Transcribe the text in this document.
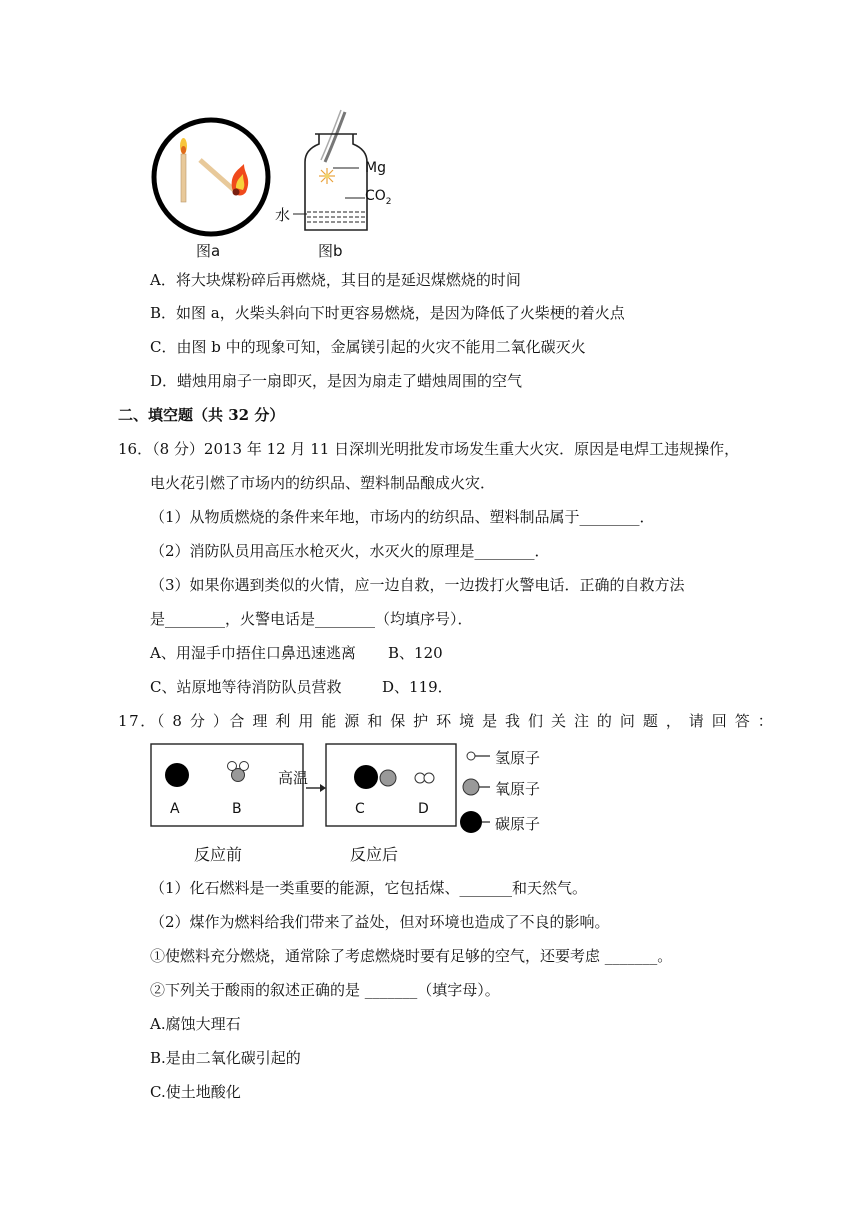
图a
Mg
$CO_2$
水
图b
A．将大块煤粉碎后再燃烧，其目的是延迟煤燃烧的时间
B．如图 a，火柴头斜向下时更容易燃烧，是因为降低了火柴梗的着火点
C．由图 b 中的现象可知，金属镁引起的火灾不能用二氧化碳灭火
D．蜡烛用扇子一扇即灭，是因为扇走了蜡烛周围的空气
二、填空题（共 32 分）
16．（8 分）2013 年 12 月 11 日深圳光明批发市场发生重大火灾．原因是电焊工违规操作，
电火花引燃了市场内的纺织品、塑料制品酿成火灾．
（1）从物质燃烧的条件来年地，市场内的纺织品、塑料制品属于________．
（2）消防队员用高压水枪灭火，水灭火的原理是________．
（3）如果你遇到类似的火情，应一边自救，一边拨打火警电话．正确的自救方法
是________，火警电话是________（均填序号）．
A、用湿手巾捂住口鼻迅速逃离 B、120
C、站原地等待消防队员营救	D、119．
17．（ 8 分 ）合 理 利 用 能 源 和 保 护 环 境 是 我 们 关 注 的 问 题 ， 请 回 答 ：
A	B
高温
C	D
氢原子
氧原子
碳原子
反应前	反应后
（1）化石燃料是一类重要的能源，它包括煤、_______和天然气。
（2）煤作为燃料给我们带来了益处，但对环境也造成了不良的影响。
①使燃料充分燃烧，通常除了考虑燃烧时要有足够的空气，还要考虑 _______。
②下列关于酸雨的叙述正确的是 _______（填字母）。
A.腐蚀大理石
B.是由二氧化碳引起的
C.使土地酸化
